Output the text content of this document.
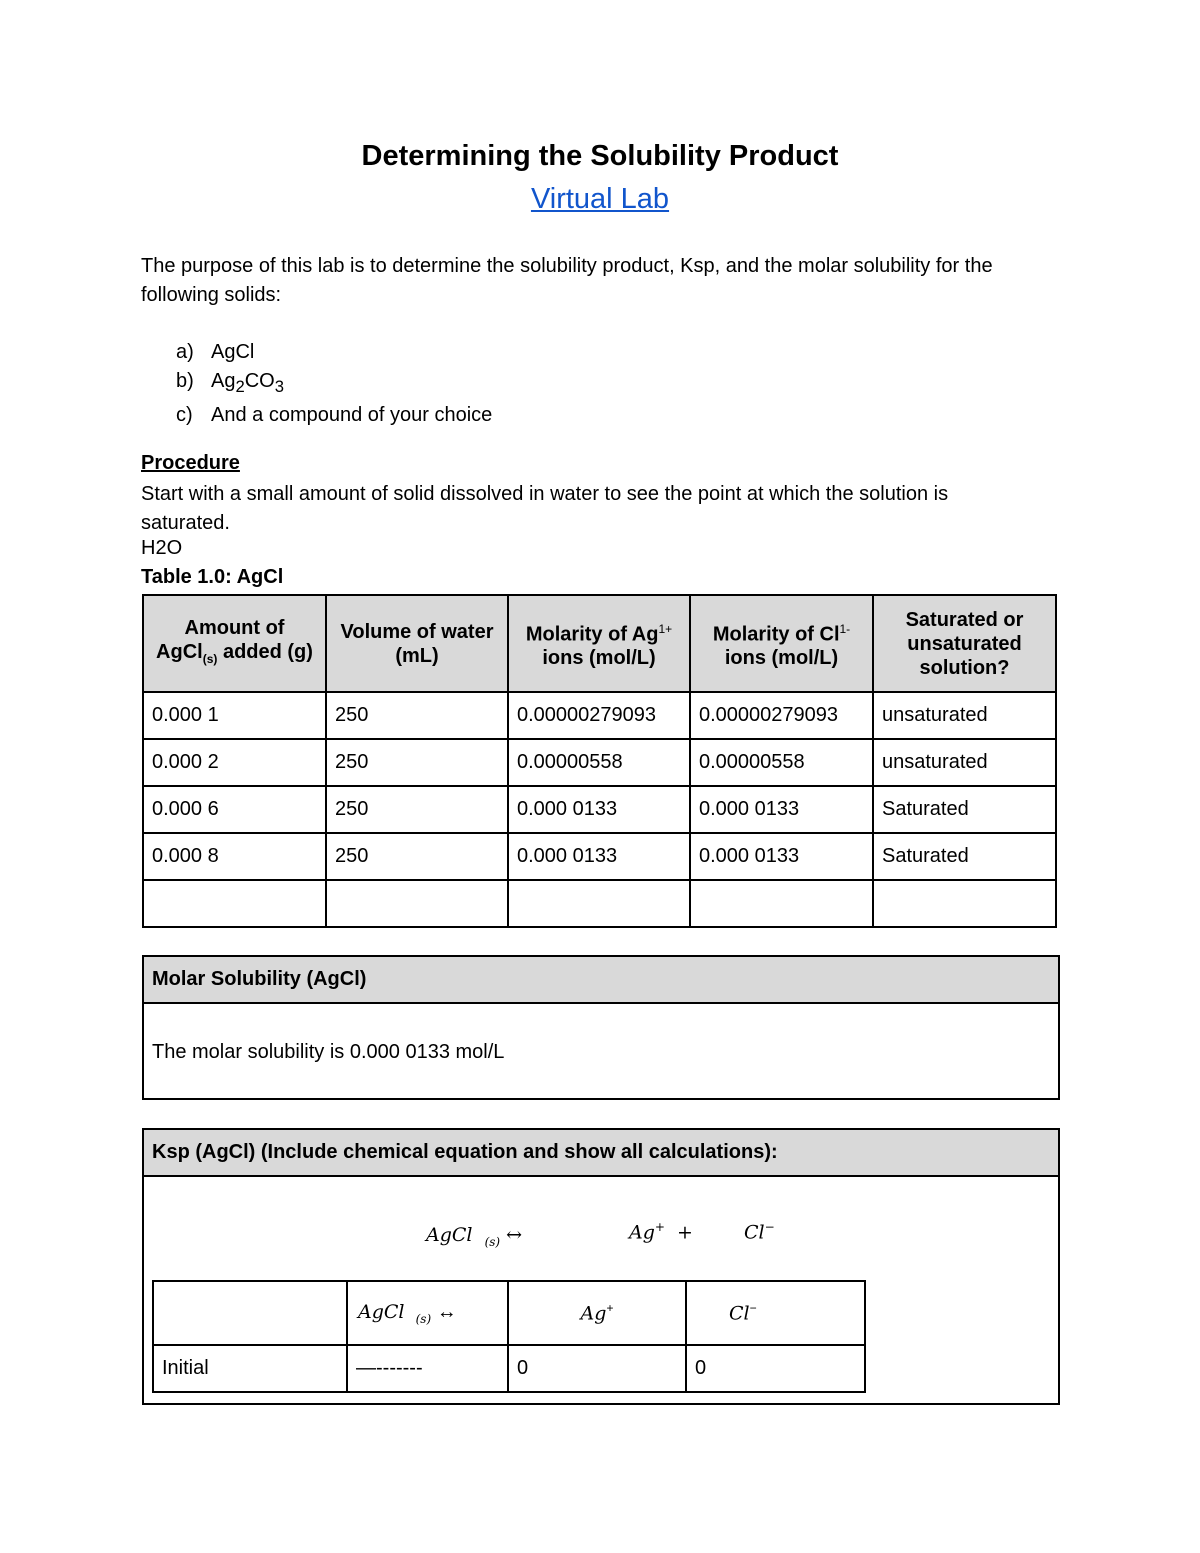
Determining the Solubility Product
Virtual Lab
The purpose of this lab is to determine the solubility product, Ksp, and the molar solubility for the following solids:
a) AgCl
b) $Ag_2CO_3$
c) And a compound of your choice
Procedure
Start with a small amount of solid dissolved in water to see the point at which the solution is saturated.
H2O
Table 1.0: AgCl
Amount of AgCl$_{(s)}$ added (g)	Volume of water (mL)	Molarity of $Ag^{1+}$ ions (mol/L)	Molarity of $Cl^{1-}$ ions (mol/L)	Saturated or unsaturated solution?
0.000 1	250	0.00000279093	0.00000279093	unsaturated
0.000 2	250	0.00000558	0.00000558	unsaturated
0.000 6	250	0.000 0133	0.000 0133	Saturated
0.000 8	250	0.000 0133	0.000 0133	Saturated

Molar Solubility (AgCl)
The molar solubility is 0.000 0133 mol/L
Ksp (AgCl) (Include chemical equation and show all calculations):
AgCl $_{(s)}$ ↔	Ag+ +	Cl−
	AgCl $_{(s)}$ ↔	Ag+	Cl−
Initial	—-------	0	0
